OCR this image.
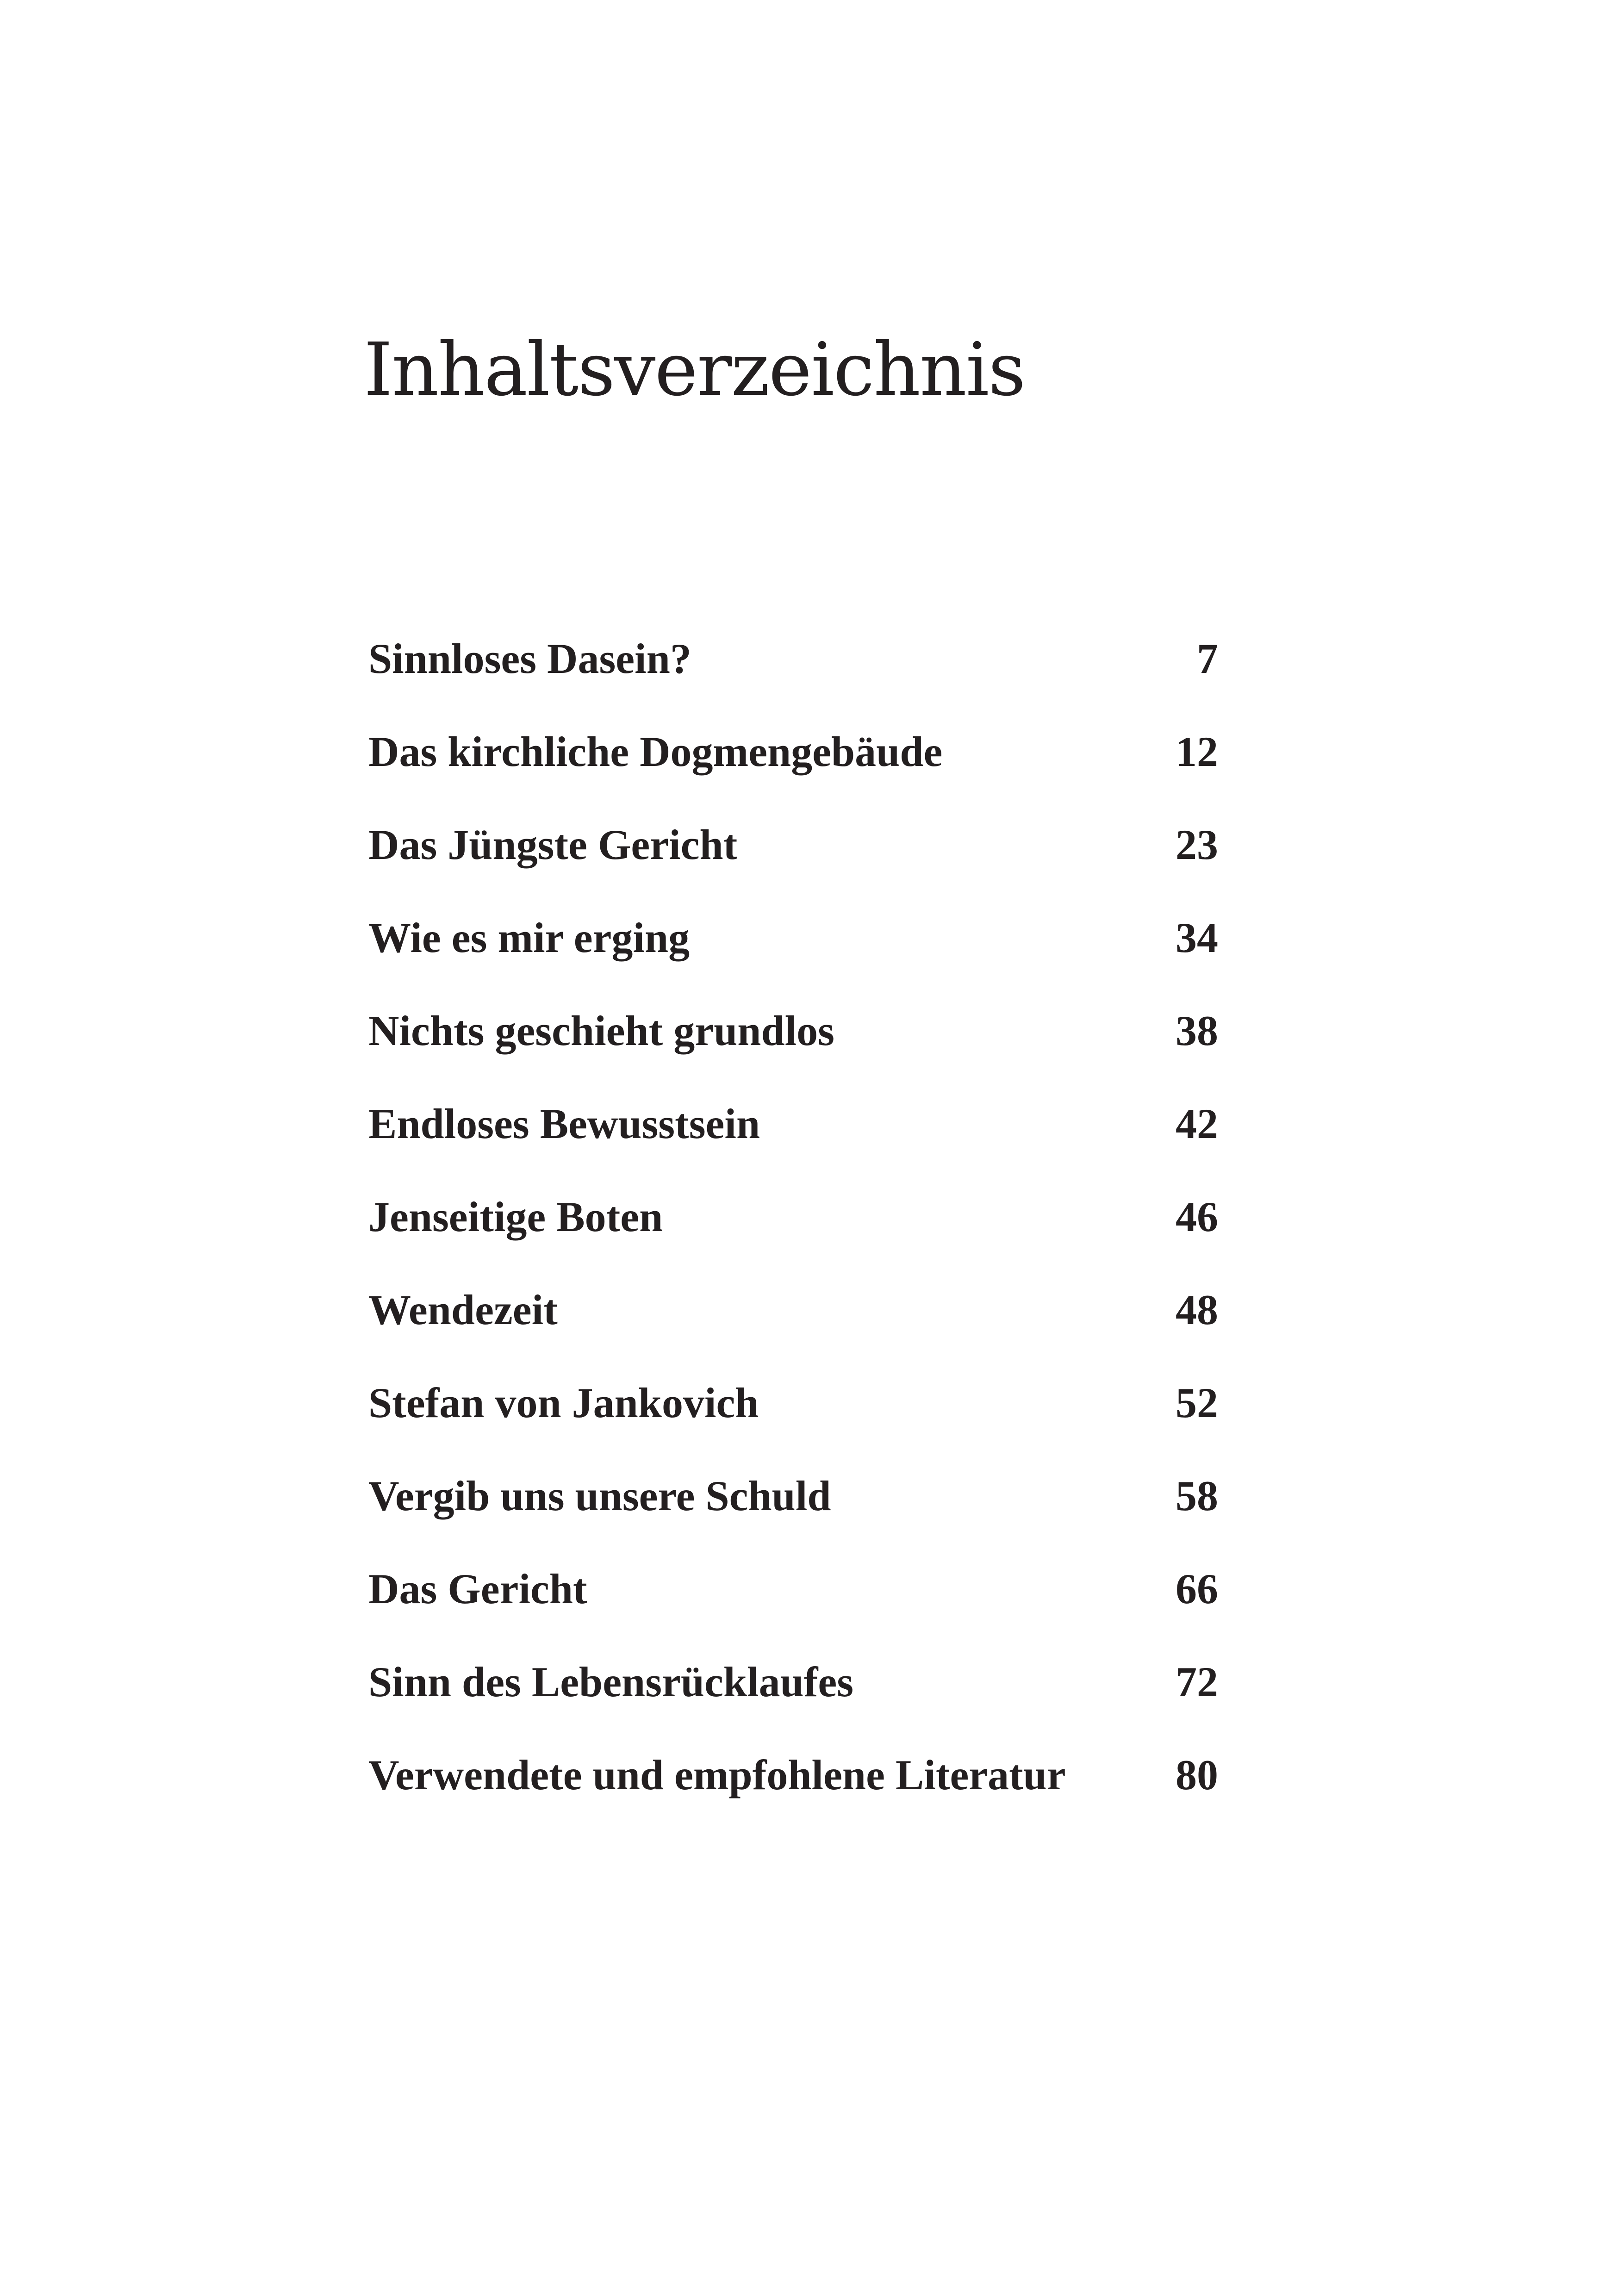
Inhaltsverzeichnis
Sinnloses Dasein?	7
Das kirchliche Dogmengebäude	12
Das Jüngste Gericht	23
Wie es mir erging	34
Nichts geschieht grundlos	38
Endloses Bewusstsein	42
Jenseitige Boten	46
Wendezeit	48
Stefan von Jankovich	52
Vergib uns unsere Schuld	58
Das Gericht	66
Sinn des Lebensrücklaufes	72
Verwendete und empfohlene Literatur	80
